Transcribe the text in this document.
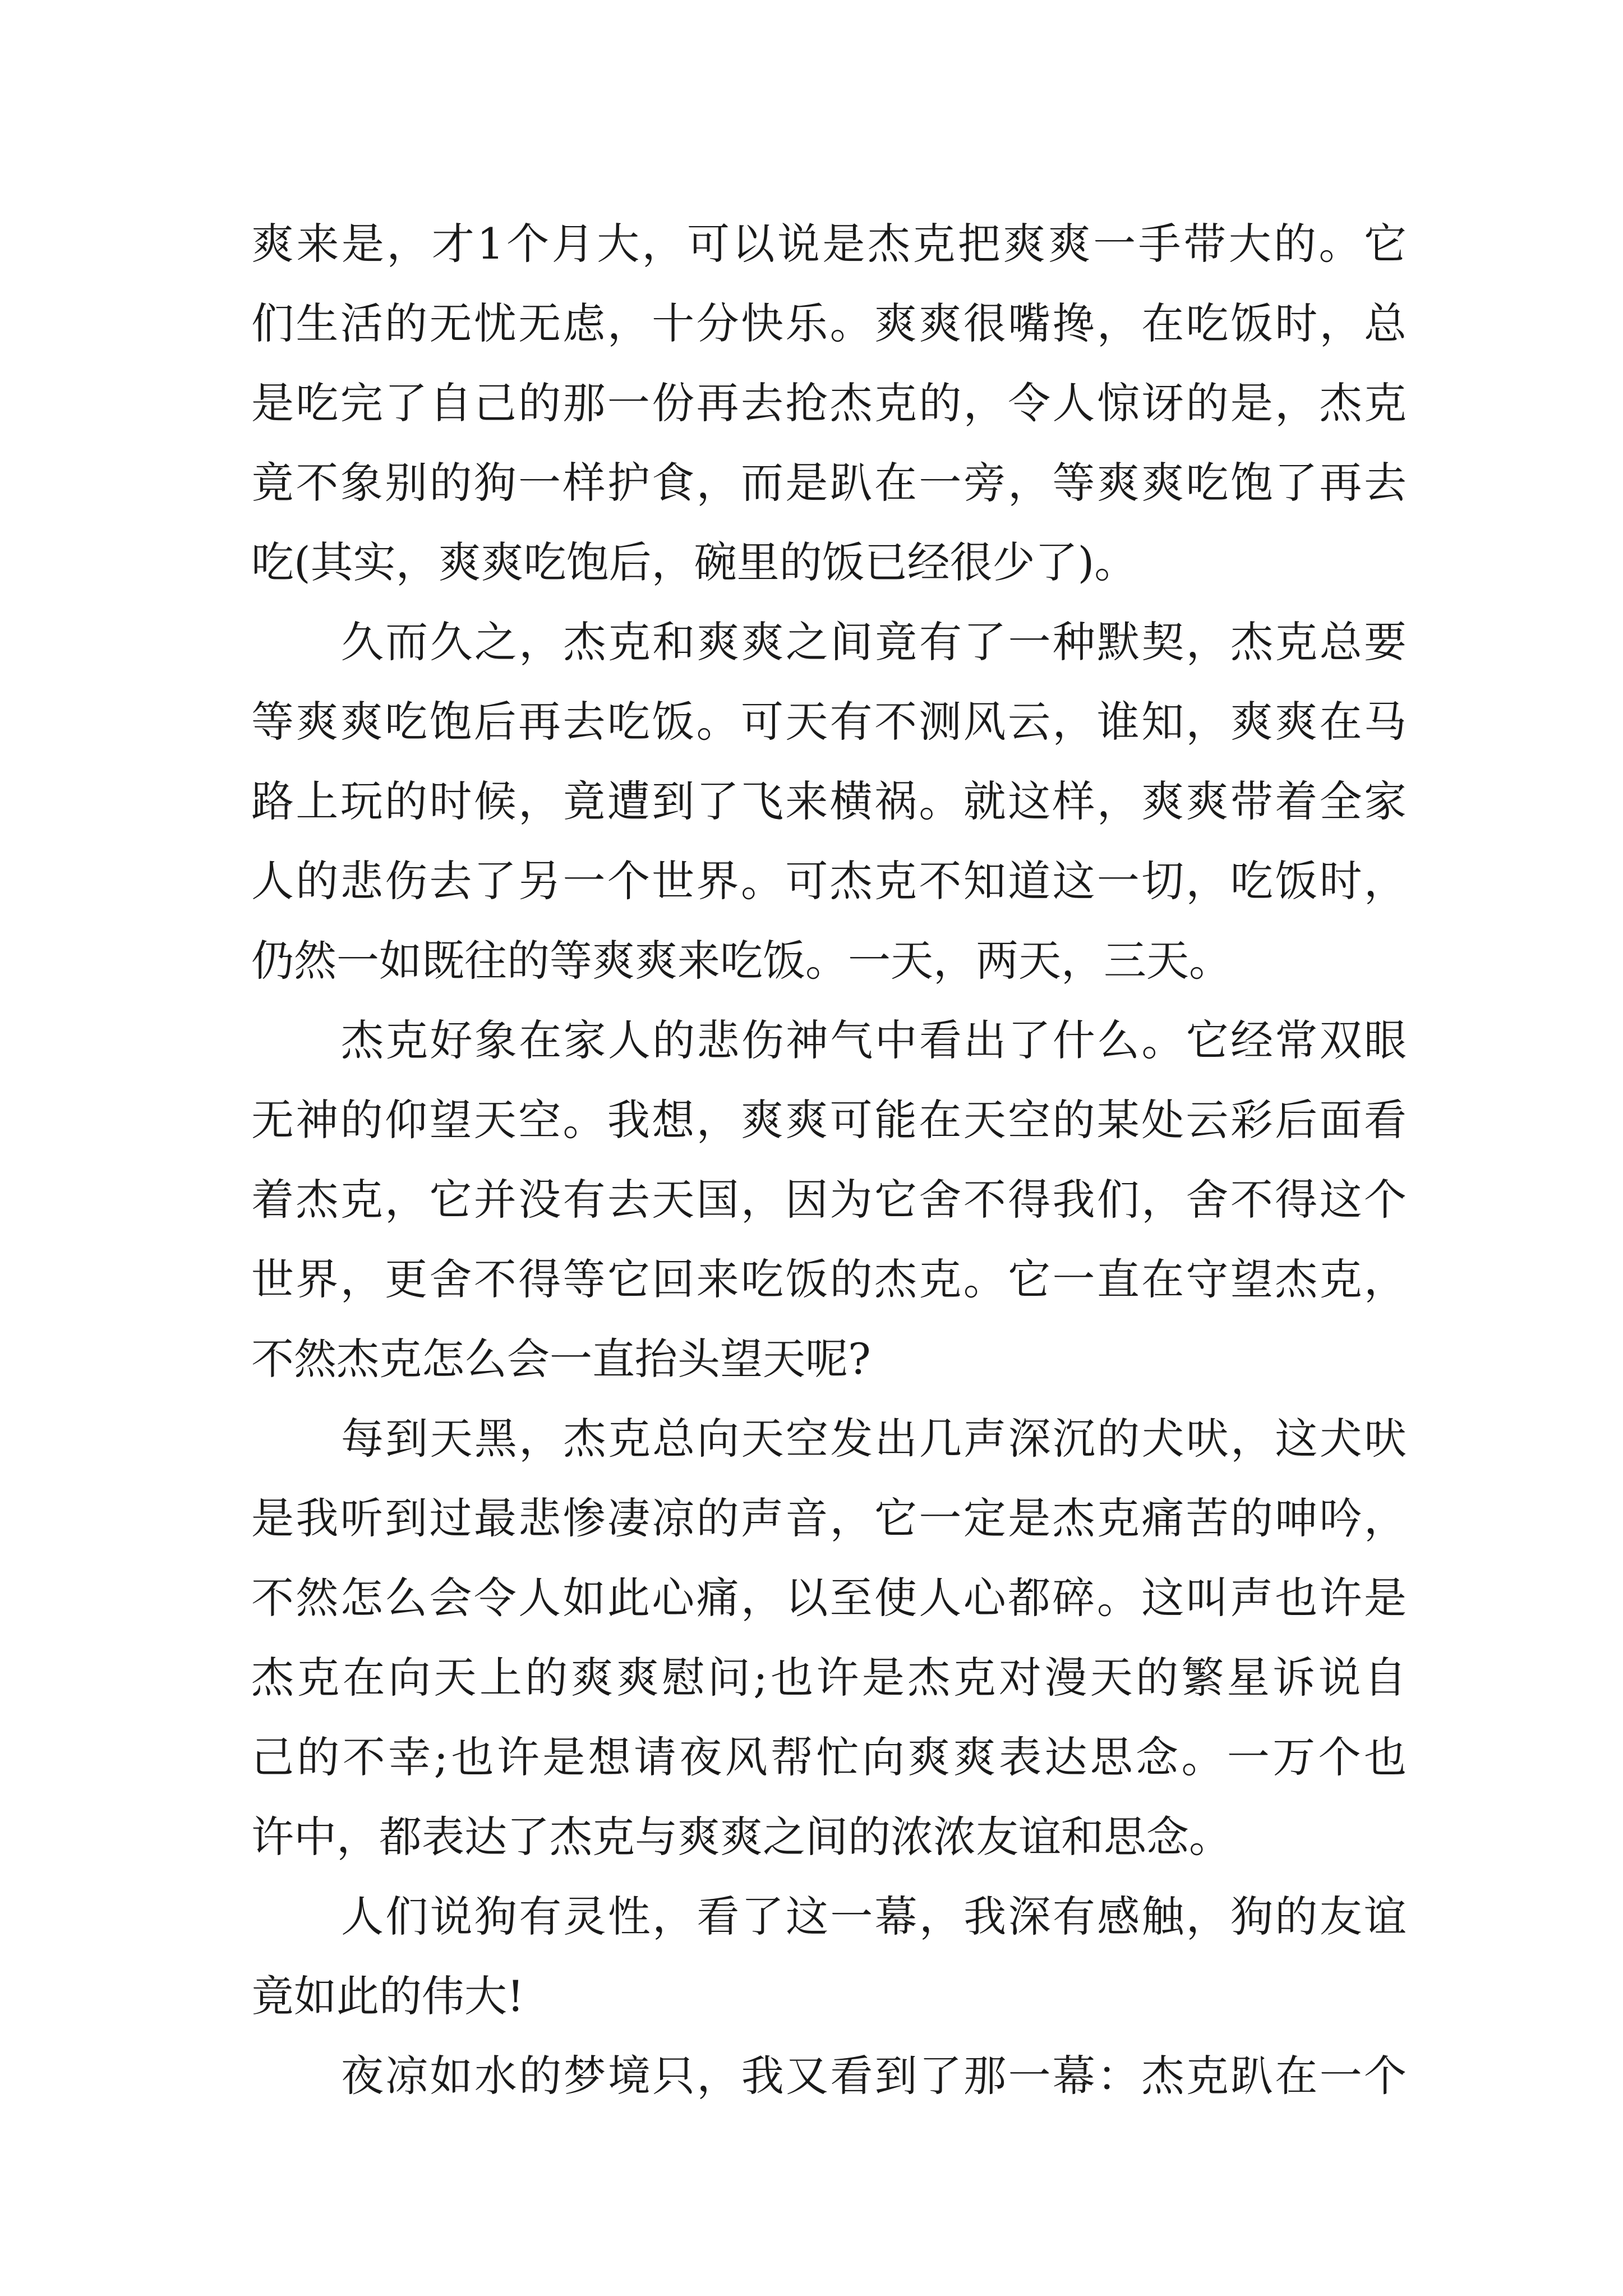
爽来是，才1个月大，可以说是杰克把爽爽一手带大的。它
们生活的无忧无虑，十分快乐。爽爽很嘴搀，在吃饭时，总
是吃完了自己的那一份再去抢杰克的，令人惊讶的是，杰克
竟不象别的狗一样护食，而是趴在一旁，等爽爽吃饱了再去
吃(其实，爽爽吃饱后，碗里的饭已经很少了)。
久而久之，杰克和爽爽之间竟有了一种默契，杰克总要
等爽爽吃饱后再去吃饭。可天有不测风云，谁知，爽爽在马
路上玩的时候，竟遭到了飞来横祸。就这样，爽爽带着全家
人的悲伤去了另一个世界。可杰克不知道这一切，吃饭时，
仍然一如既往的等爽爽来吃饭。一天，两天，三天。
杰克好象在家人的悲伤神气中看出了什么。它经常双眼
无神的仰望天空。我想，爽爽可能在天空的某处云彩后面看
着杰克，它并没有去天国，因为它舍不得我们，舍不得这个
世界，更舍不得等它回来吃饭的杰克。它一直在守望杰克，
不然杰克怎么会一直抬头望天呢?
每到天黑，杰克总向天空发出几声深沉的犬吠，这犬吠
是我听到过最悲惨凄凉的声音，它一定是杰克痛苦的呻吟，
不然怎么会令人如此心痛，以至使人心都碎。这叫声也许是
杰克在向天上的爽爽慰问;也许是杰克对漫天的繁星诉说自
己的不幸;也许是想请夜风帮忙向爽爽表达思念。一万个也
许中，都表达了杰克与爽爽之间的浓浓友谊和思念。
人们说狗有灵性，看了这一幕，我深有感触，狗的友谊
竟如此的伟大!
夜凉如水的梦境只，我又看到了那一幕：杰克趴在一个
